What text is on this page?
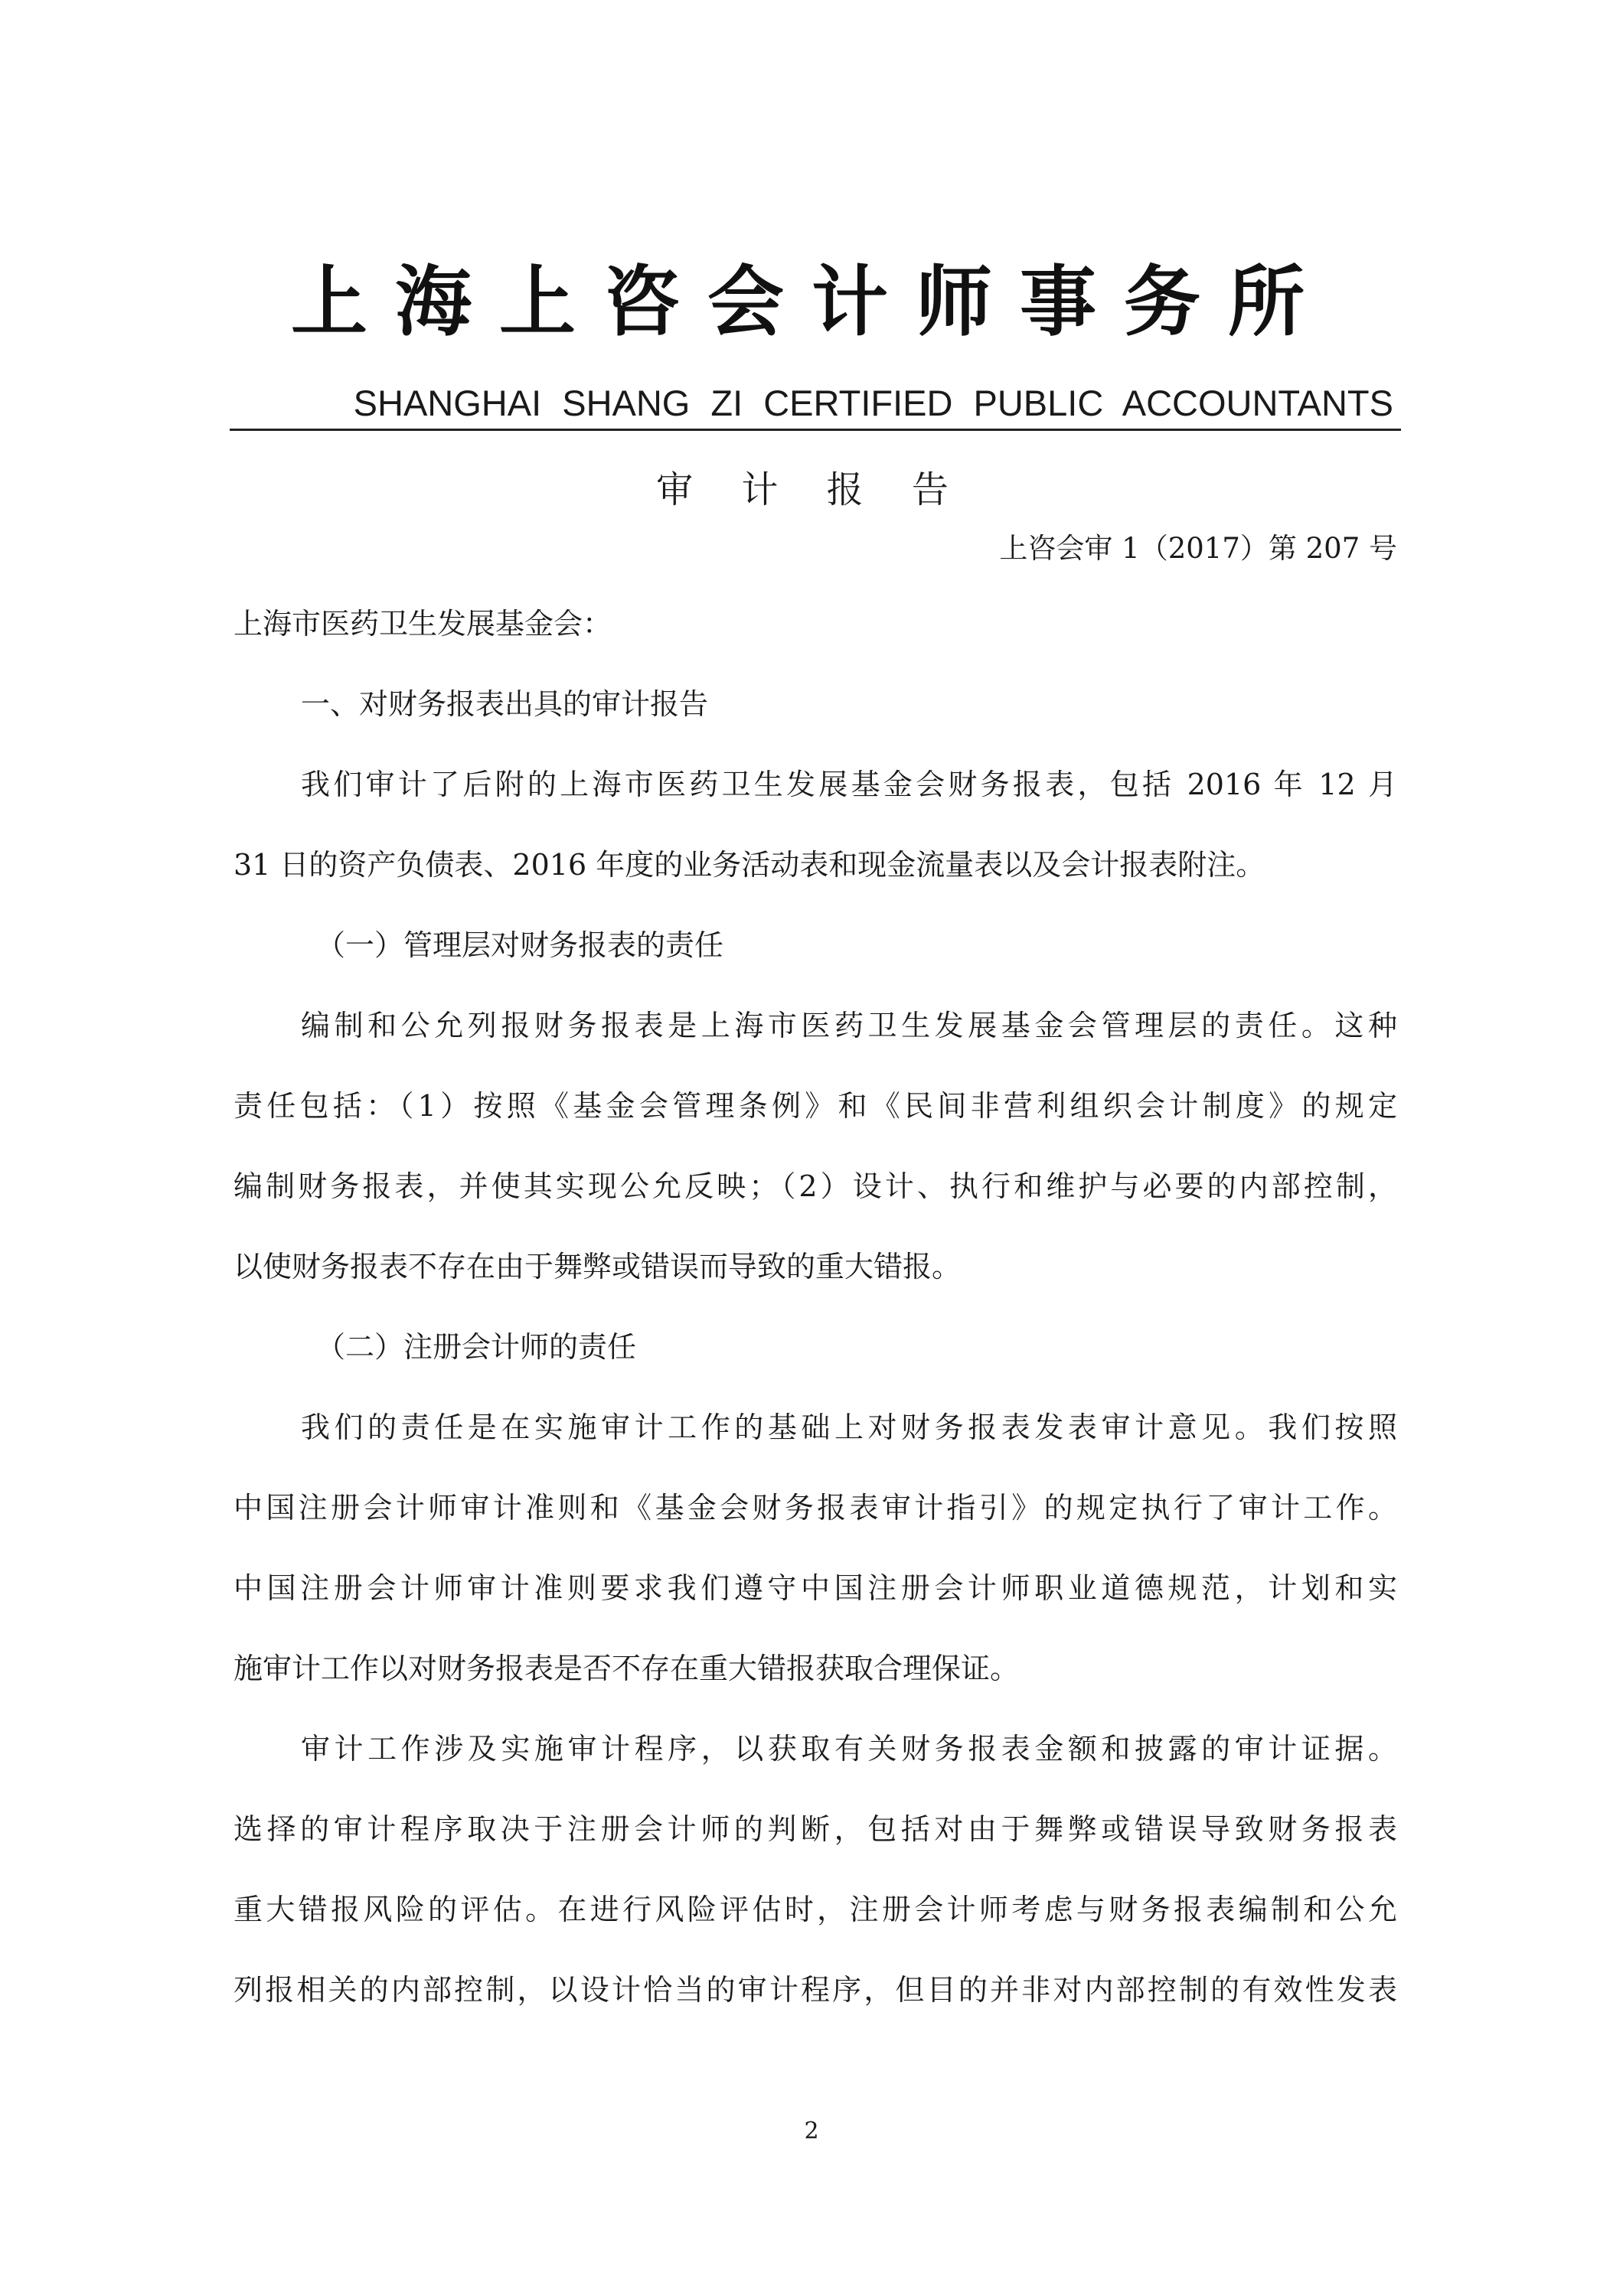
上海上咨会计师事务所
SHANGHAI SHANG ZI CERTIFIED PUBLIC ACCOUNTANTS
审 计 报 告
上咨会审 1（2017）第 207 号
上海市医药卫生发展基金会：
一、对财务报表出具的审计报告
我们审计了后附的上海市医药卫生发展基金会财务报表，包括 2016 年 12 月
31 日的资产负债表、2016 年度的业务活动表和现金流量表以及会计报表附注。
（一）管理层对财务报表的责任
编制和公允列报财务报表是上海市医药卫生发展基金会管理层的责任。这种
责任包括：（1）按照《基金会管理条例》和《民间非营利组织会计制度》的规定
编制财务报表，并使其实现公允反映；（2）设计、执行和维护与必要的内部控制，
以使财务报表不存在由于舞弊或错误而导致的重大错报。
（二）注册会计师的责任
我们的责任是在实施审计工作的基础上对财务报表发表审计意见。我们按照
中国注册会计师审计准则和《基金会财务报表审计指引》的规定执行了审计工作。
中国注册会计师审计准则要求我们遵守中国注册会计师职业道德规范，计划和实
施审计工作以对财务报表是否不存在重大错报获取合理保证。
审计工作涉及实施审计程序，以获取有关财务报表金额和披露的审计证据。
选择的审计程序取决于注册会计师的判断，包括对由于舞弊或错误导致财务报表
重大错报风险的评估。在进行风险评估时，注册会计师考虑与财务报表编制和公允
列报相关的内部控制，以设计恰当的审计程序，但目的并非对内部控制的有效性发表
2
